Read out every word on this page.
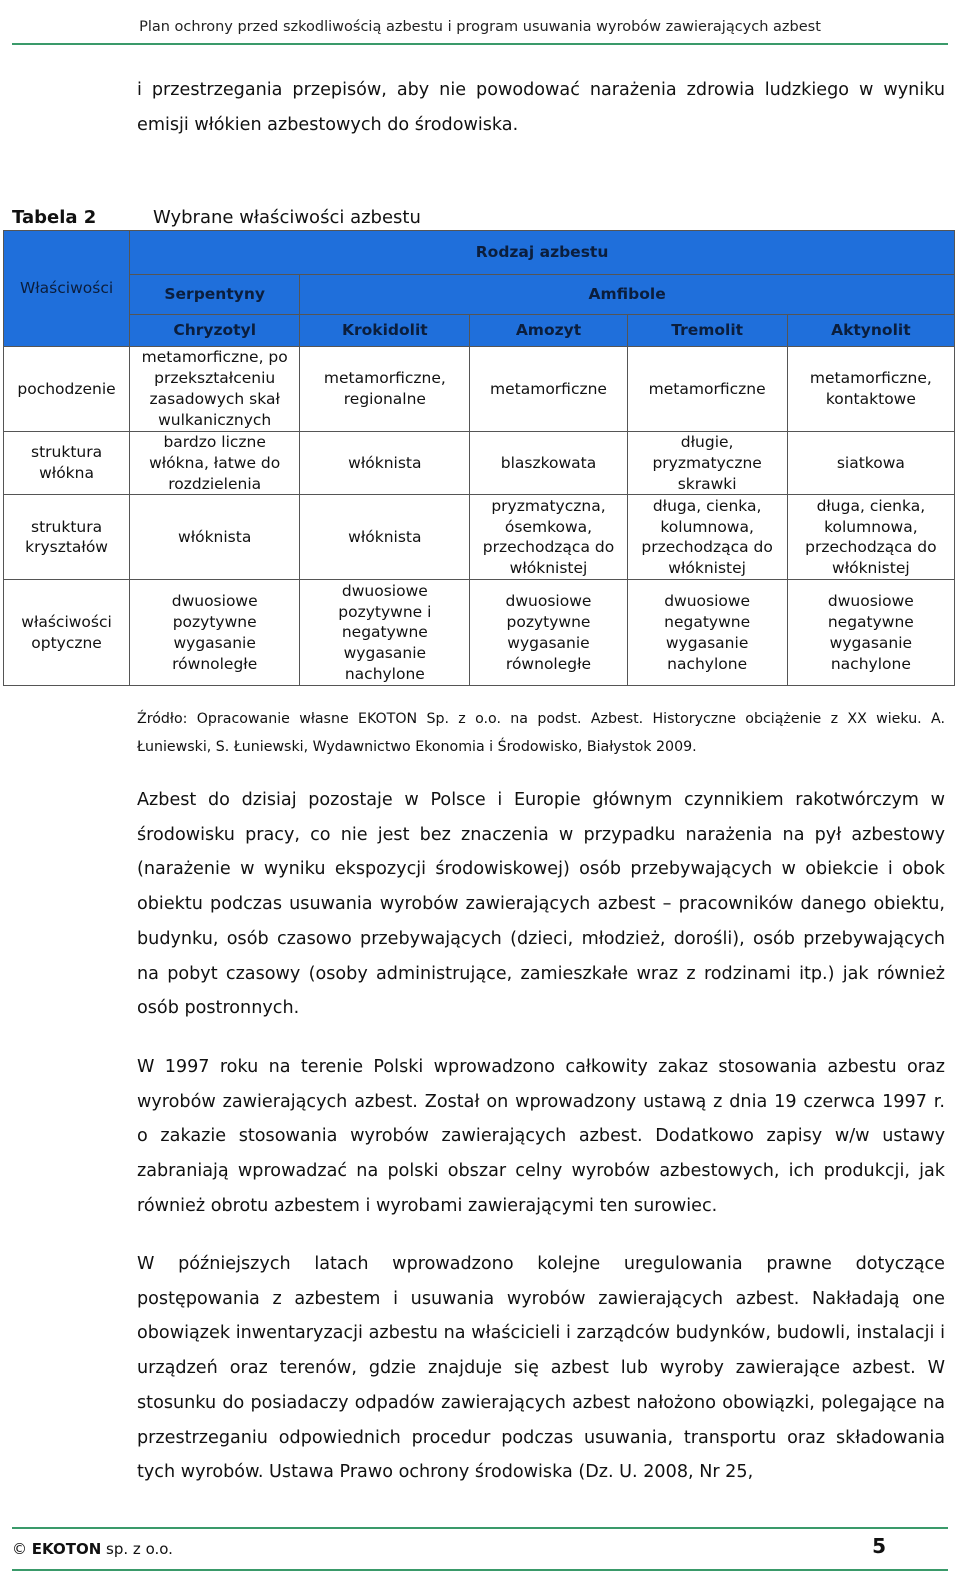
Plan ochrony przed szkodliwością azbestu i program usuwania wyrobów zawierających azbest

i przestrzegania przepisów, aby nie powodować narażenia zdrowia ludzkiego w wyniku emisji włókien azbestowych do środowiska.

Tabela 2	Wybrane właściwości azbestu
Właściwości	Rodzaj azbestu				
	Serpentyny	Amfibole			
	Chryzotyl	Krokidolit	Amozyt	Tremolit	Aktynolit
pochodzenie	metamorficzne, po przekształceniu zasadowych skał wulkanicznych	metamorficzne, regionalne	metamorficzne	metamorficzne	metamorficzne, kontaktowe
struktura włókna	bardzo liczne włókna, łatwe do rozdzielenia	włóknista	blaszkowata	długie, pryzmatyczne skrawki	siatkowa
struktura kryształów	włóknista	włóknista	pryzmatyczna, ósemkowa, przechodząca do włóknistej	długa, cienka, kolumnowa, przechodząca do włóknistej	długa, cienka, kolumnowa, przechodząca do włóknistej
właściwości optyczne	dwuosiowe pozytywne wygasanie równoległe	dwuosiowe pozytywne i negatywne wygasanie nachylone	dwuosiowe pozytywne wygasanie równoległe	dwuosiowe negatywne wygasanie nachylone	dwuosiowe negatywne wygasanie nachylone

Źródło: Opracowanie własne EKOTON Sp. z o.o. na podst. Azbest. Historyczne obciążenie z XX wieku. A. Łuniewski, S. Łuniewski, Wydawnictwo Ekonomia i Środowisko, Białystok 2009.

Azbest do dzisiaj pozostaje w Polsce i Europie głównym czynnikiem rakotwórczym w środowisku pracy, co nie jest bez znaczenia w przypadku narażenia na pył azbestowy (narażenie w wyniku ekspozycji środowiskowej) osób przebywających w obiekcie i obok obiektu podczas usuwania wyrobów zawierających azbest – pracowników danego obiektu, budynku, osób czasowo przebywających (dzieci, młodzież, dorośli), osób przebywających na pobyt czasowy (osoby administrujące, zamieszkałe wraz z rodzinami itp.) jak również osób postronnych.

W 1997 roku na terenie Polski wprowadzono całkowity zakaz stosowania azbestu oraz wyrobów zawierających azbest. Został on wprowadzony ustawą z dnia 19 czerwca 1997 r. o zakazie stosowania wyrobów zawierających azbest. Dodatkowo zapisy w/w ustawy zabraniają wprowadzać na polski obszar celny wyrobów azbestowych, ich produkcji, jak również obrotu azbestem i wyrobami zawierającymi ten surowiec.

W późniejszych latach wprowadzono kolejne uregulowania prawne dotyczące postępowania z azbestem i usuwania wyrobów zawierających azbest. Nakładają one obowiązek inwentaryzacji azbestu na właścicieli i zarządców budynków, budowli, instalacji i urządzeń oraz terenów, gdzie znajduje się azbest lub wyroby zawierające azbest. W stosunku do posiadaczy odpadów zawierających azbest nałożono obowiązki, polegające na przestrzeganiu odpowiednich procedur podczas usuwania, transportu oraz składowania tych wyrobów. Ustawa Prawo ochrony środowiska (Dz. U. 2008, Nr 25,

© EKOTON sp. z o.o.	5
